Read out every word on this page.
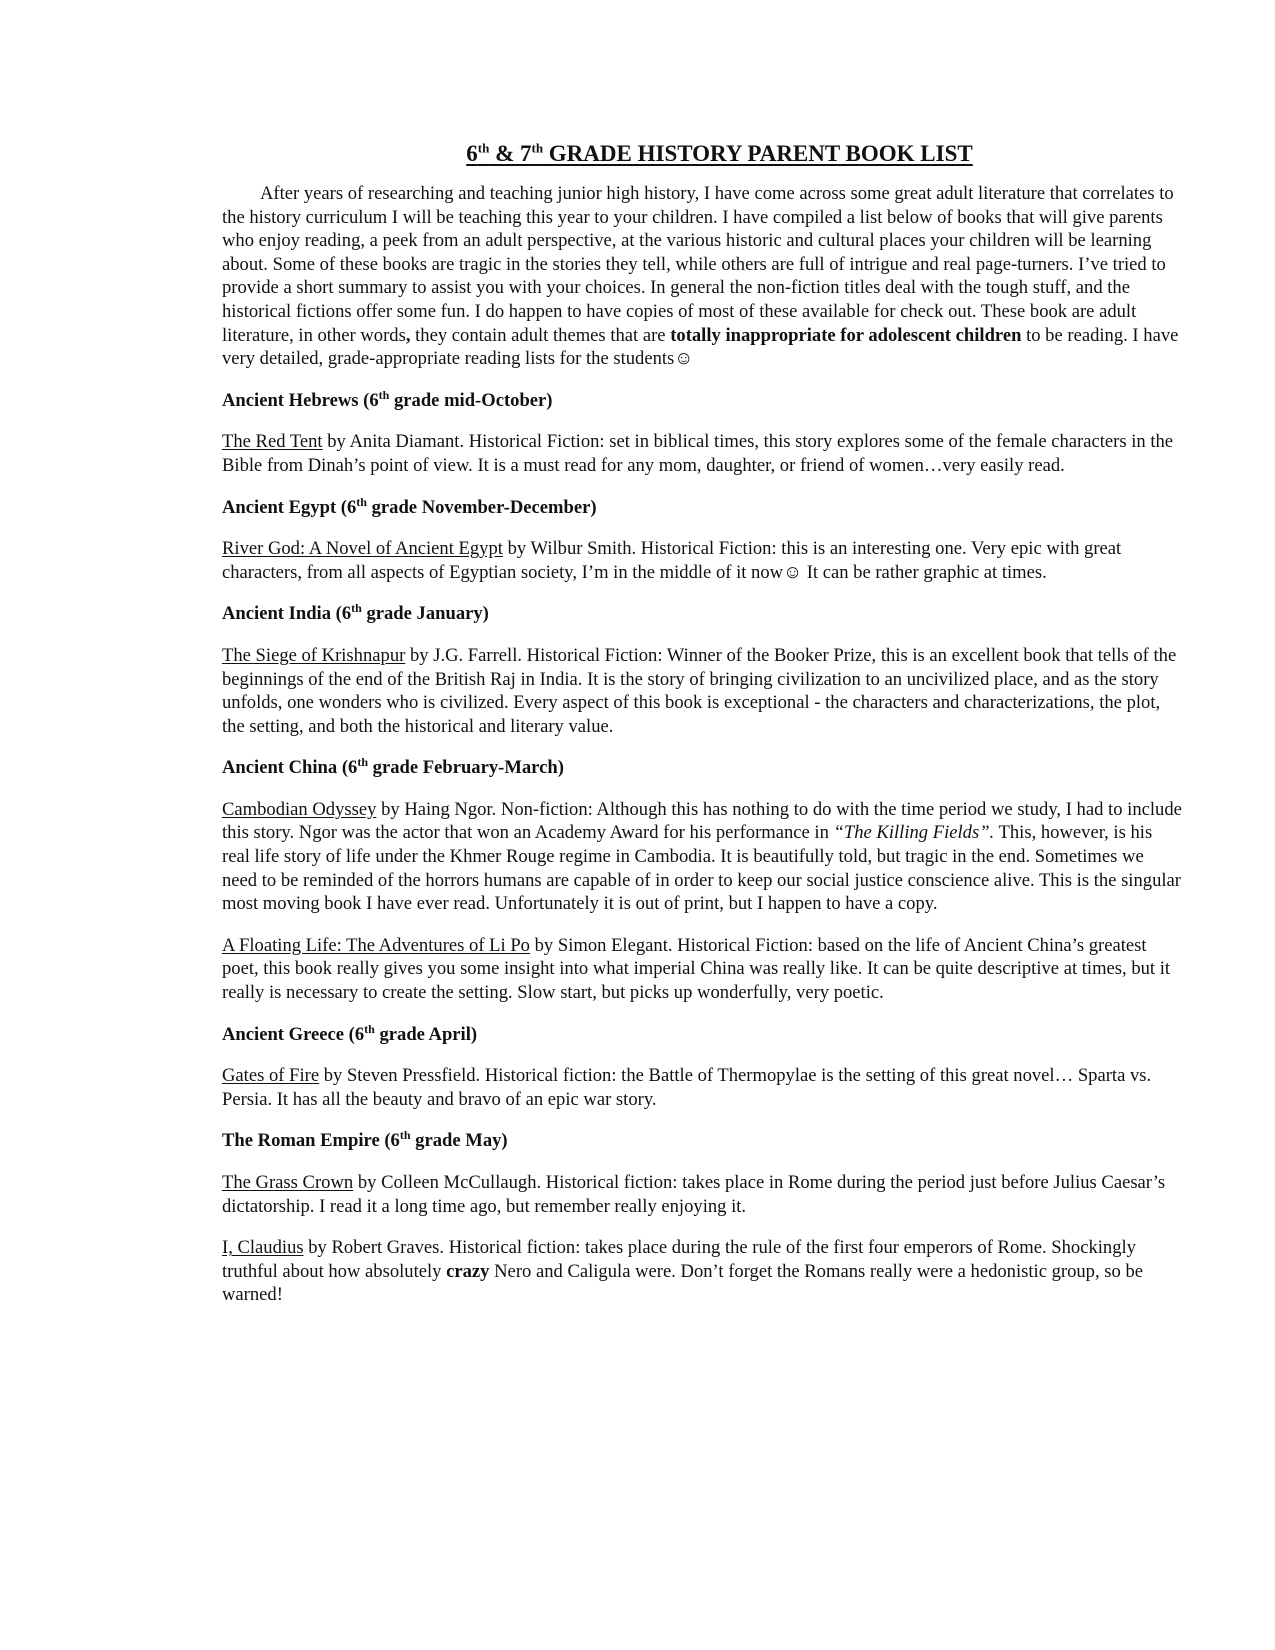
6th & 7th GRADE HISTORY PARENT BOOK LIST

After years of researching and teaching junior high history, I have come across some great adult literature that correlates to the history curriculum I will be teaching this year to your children. I have compiled a list below of books that will give parents who enjoy reading, a peek from an adult perspective, at the various historic and cultural places your children will be learning about. Some of these books are tragic in the stories they tell, while others are full of intrigue and real page-turners. I’ve tried to provide a short summary to assist you with your choices. In general the non-fiction titles deal with the tough stuff, and the historical fictions offer some fun. I do happen to have copies of most of these available for check out. These book are adult literature, in other words, they contain adult themes that are totally inappropriate for adolescent children to be reading. I have very detailed, grade-appropriate reading lists for the students☺

Ancient Hebrews (6th grade mid-October)

The Red Tent by Anita Diamant. Historical Fiction: set in biblical times, this story explores some of the female characters in the Bible from Dinah’s point of view. It is a must read for any mom, daughter, or friend of women…very easily read.

Ancient Egypt (6th grade November-December)

River God: A Novel of Ancient Egypt by Wilbur Smith. Historical Fiction: this is an interesting one. Very epic with great characters, from all aspects of Egyptian society, I’m in the middle of it now☺ It can be rather graphic at times.

Ancient India (6th grade January)

The Siege of Krishnapur by J.G. Farrell. Historical Fiction: Winner of the Booker Prize, this is an excellent book that tells of the beginnings of the end of the British Raj in India. It is the story of bringing civilization to an uncivilized place, and as the story unfolds, one wonders who is civilized. Every aspect of this book is exceptional - the characters and characterizations, the plot, the setting, and both the historical and literary value.

Ancient China (6th grade February-March)

Cambodian Odyssey by Haing Ngor. Non-fiction: Although this has nothing to do with the time period we study, I had to include this story. Ngor was the actor that won an Academy Award for his performance in “The Killing Fields”. This, however, is his real life story of life under the Khmer Rouge regime in Cambodia. It is beautifully told, but tragic in the end. Sometimes we need to be reminded of the horrors humans are capable of in order to keep our social justice conscience alive. This is the singular most moving book I have ever read. Unfortunately it is out of print, but I happen to have a copy.

A Floating Life: The Adventures of Li Po by Simon Elegant. Historical Fiction: based on the life of Ancient China’s greatest poet, this book really gives you some insight into what imperial China was really like. It can be quite descriptive at times, but it really is necessary to create the setting. Slow start, but picks up wonderfully, very poetic.

Ancient Greece (6th grade April)

Gates of Fire by Steven Pressfield. Historical fiction: the Battle of Thermopylae is the setting of this great novel… Sparta vs. Persia. It has all the beauty and bravo of an epic war story.

The Roman Empire (6th grade May)

The Grass Crown by Colleen McCullaugh. Historical fiction: takes place in Rome during the period just before Julius Caesar’s dictatorship. I read it a long time ago, but remember really enjoying it.

I, Claudius by Robert Graves. Historical fiction: takes place during the rule of the first four emperors of Rome. Shockingly truthful about how absolutely crazy Nero and Caligula were. Don’t forget the Romans really were a hedonistic group, so be warned!
